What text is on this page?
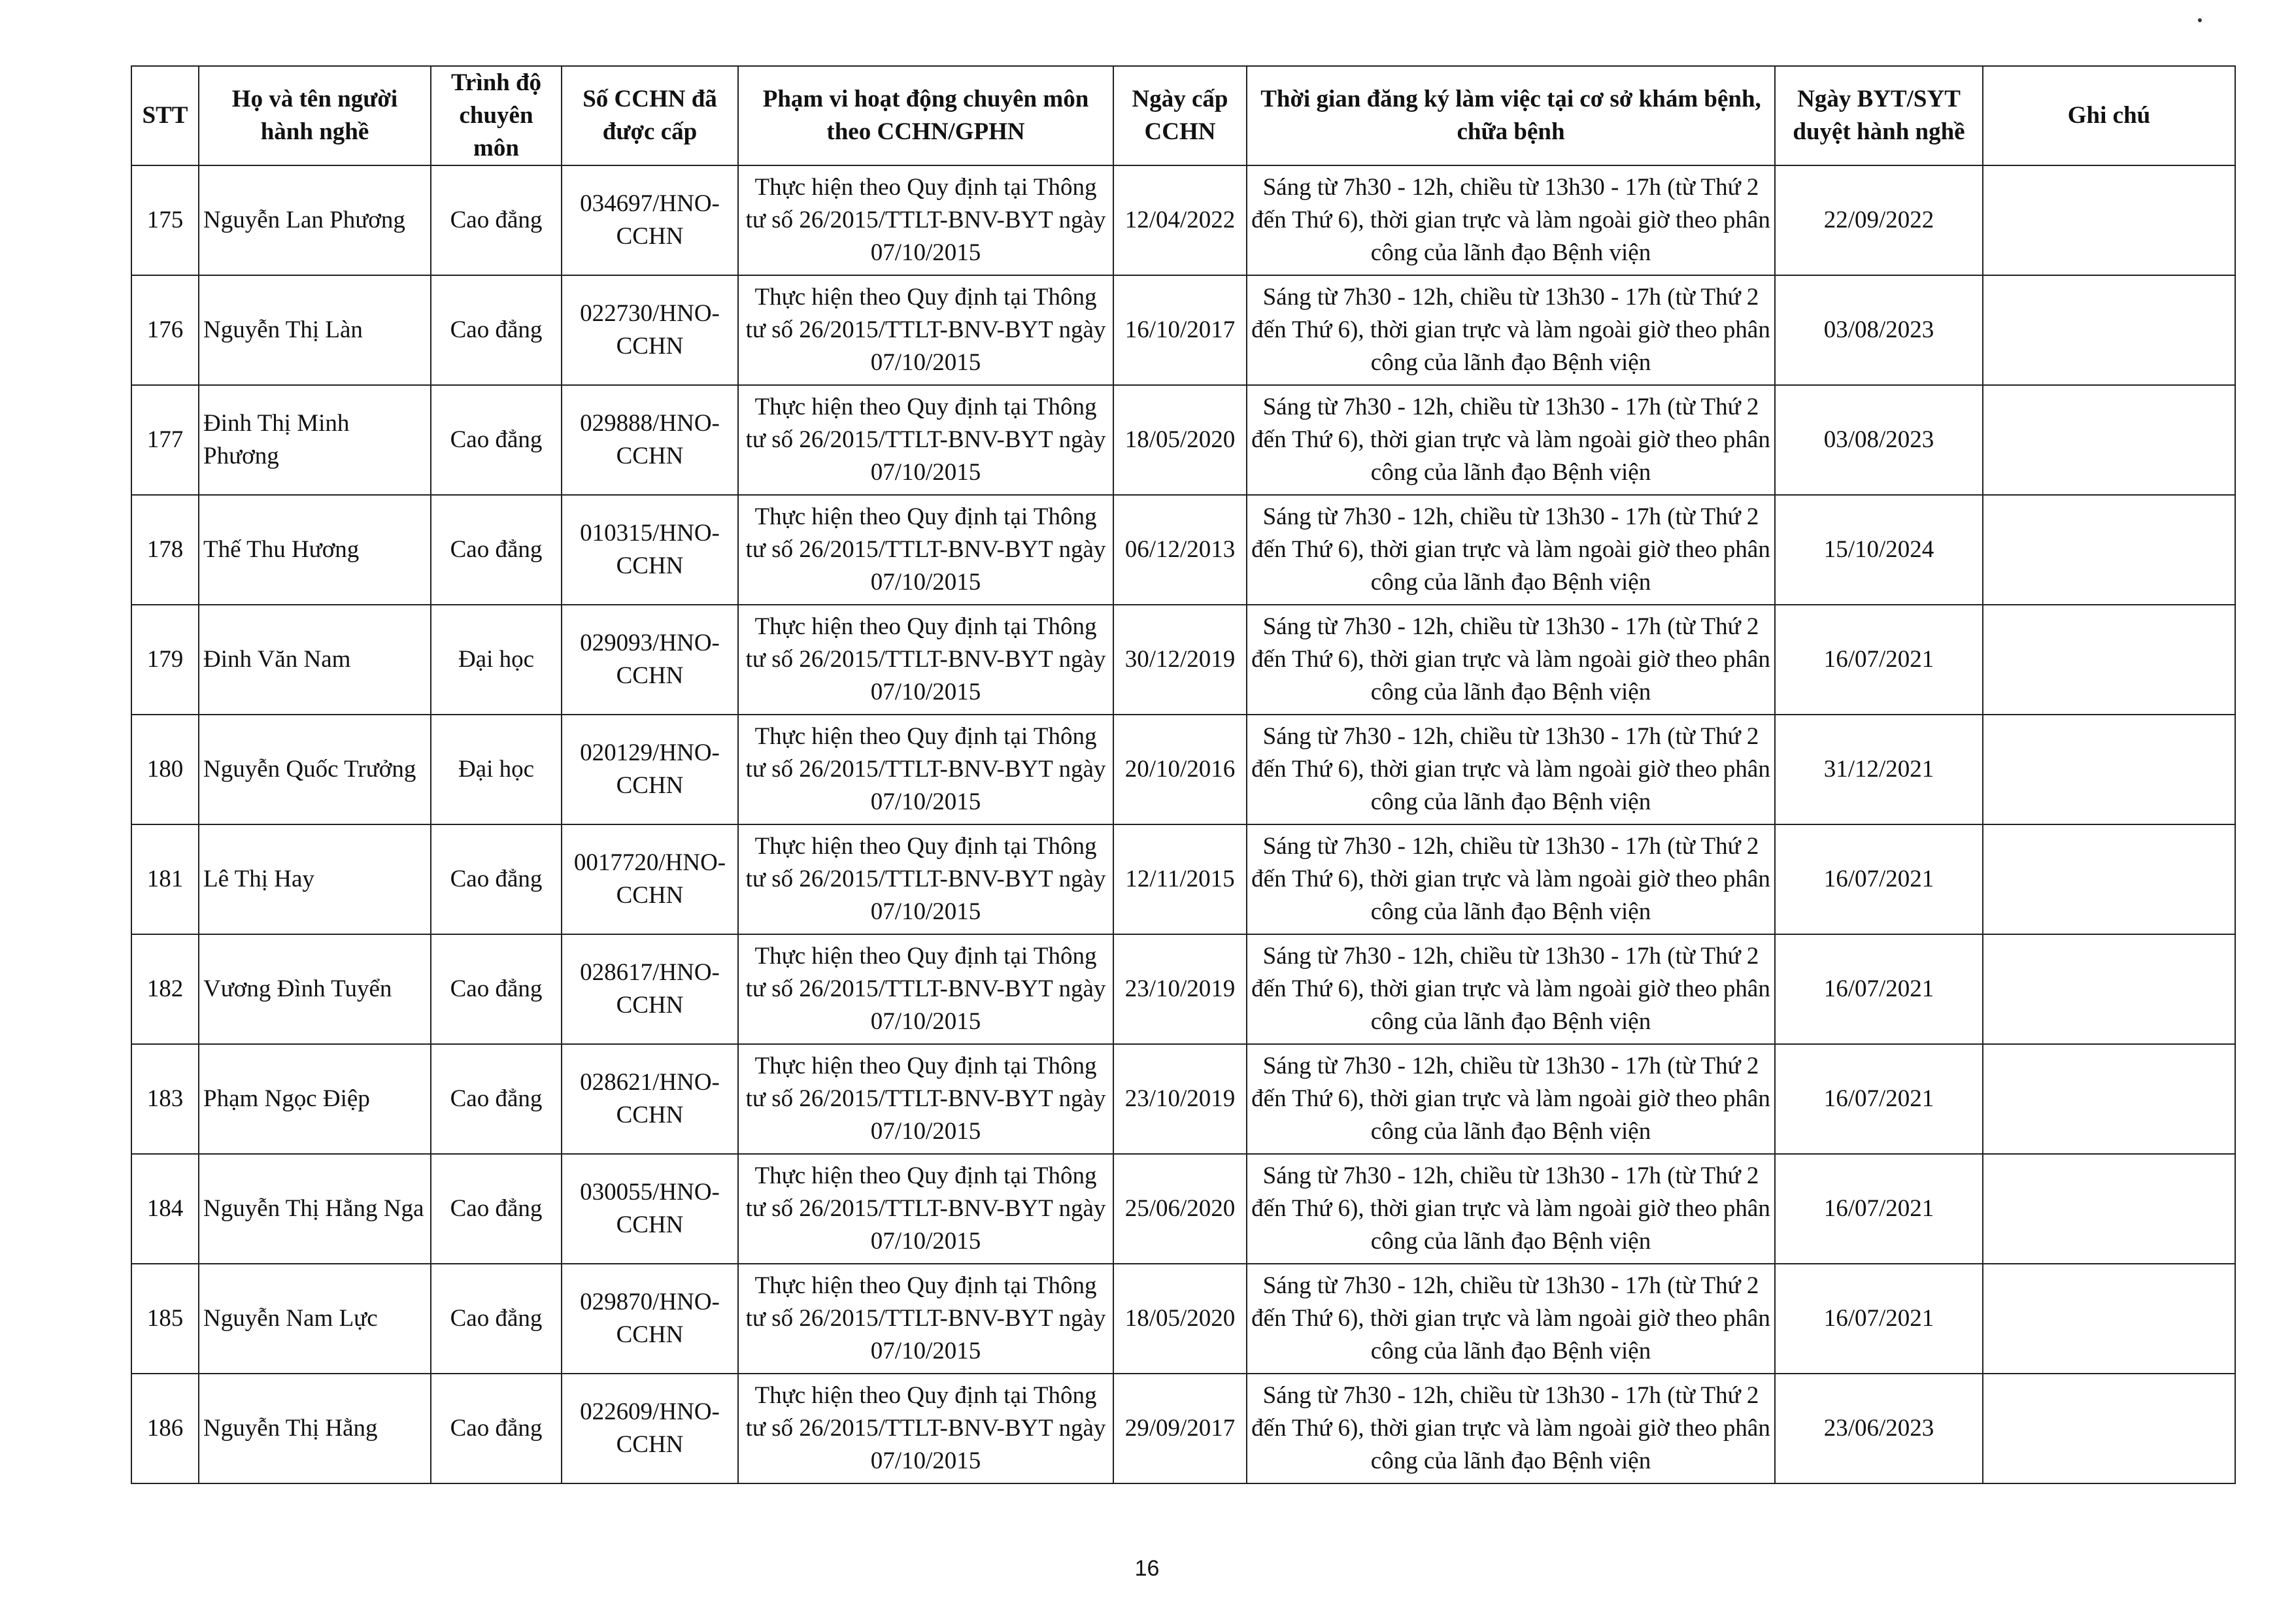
STT	Họ và tên người hành nghề	Trình độ chuyên môn	Số CCHN đã được cấp	Phạm vi hoạt động chuyên môn theo CCHN/GPHN	Ngày cấp CCHN	Thời gian đăng ký làm việc tại cơ sở khám bệnh, chữa bệnh	Ngày BYT/SYT duyệt hành nghề	Ghi chú
175	Nguyễn Lan Phương	Cao đẳng	034697/HNO-CCHN	Thực hiện theo Quy định tại Thông tư số 26/2015/TTLT-BNV-BYT ngày 07/10/2015	12/04/2022	Sáng từ 7h30 - 12h, chiều từ 13h30 - 17h (từ Thứ 2 đến Thứ 6), thời gian trực và làm ngoài giờ theo phân công của lãnh đạo Bệnh viện	22/09/2022	
176	Nguyễn Thị Làn	Cao đẳng	022730/HNO-CCHN	Thực hiện theo Quy định tại Thông tư số 26/2015/TTLT-BNV-BYT ngày 07/10/2015	16/10/2017	Sáng từ 7h30 - 12h, chiều từ 13h30 - 17h (từ Thứ 2 đến Thứ 6), thời gian trực và làm ngoài giờ theo phân công của lãnh đạo Bệnh viện	03/08/2023	
177	Đinh Thị Minh Phương	Cao đẳng	029888/HNO-CCHN	Thực hiện theo Quy định tại Thông tư số 26/2015/TTLT-BNV-BYT ngày 07/10/2015	18/05/2020	Sáng từ 7h30 - 12h, chiều từ 13h30 - 17h (từ Thứ 2 đến Thứ 6), thời gian trực và làm ngoài giờ theo phân công của lãnh đạo Bệnh viện	03/08/2023	
178	Thế Thu Hương	Cao đẳng	010315/HNO-CCHN	Thực hiện theo Quy định tại Thông tư số 26/2015/TTLT-BNV-BYT ngày 07/10/2015	06/12/2013	Sáng từ 7h30 - 12h, chiều từ 13h30 - 17h (từ Thứ 2 đến Thứ 6), thời gian trực và làm ngoài giờ theo phân công của lãnh đạo Bệnh viện	15/10/2024	
179	Đinh Văn Nam	Đại học	029093/HNO-CCHN	Thực hiện theo Quy định tại Thông tư số 26/2015/TTLT-BNV-BYT ngày 07/10/2015	30/12/2019	Sáng từ 7h30 - 12h, chiều từ 13h30 - 17h (từ Thứ 2 đến Thứ 6), thời gian trực và làm ngoài giờ theo phân công của lãnh đạo Bệnh viện	16/07/2021	
180	Nguyễn Quốc Trưởng	Đại học	020129/HNO-CCHN	Thực hiện theo Quy định tại Thông tư số 26/2015/TTLT-BNV-BYT ngày 07/10/2015	20/10/2016	Sáng từ 7h30 - 12h, chiều từ 13h30 - 17h (từ Thứ 2 đến Thứ 6), thời gian trực và làm ngoài giờ theo phân công của lãnh đạo Bệnh viện	31/12/2021	
181	Lê Thị Hay	Cao đẳng	0017720/HNO-CCHN	Thực hiện theo Quy định tại Thông tư số 26/2015/TTLT-BNV-BYT ngày 07/10/2015	12/11/2015	Sáng từ 7h30 - 12h, chiều từ 13h30 - 17h (từ Thứ 2 đến Thứ 6), thời gian trực và làm ngoài giờ theo phân công của lãnh đạo Bệnh viện	16/07/2021	
182	Vương Đình Tuyển	Cao đẳng	028617/HNO-CCHN	Thực hiện theo Quy định tại Thông tư số 26/2015/TTLT-BNV-BYT ngày 07/10/2015	23/10/2019	Sáng từ 7h30 - 12h, chiều từ 13h30 - 17h (từ Thứ 2 đến Thứ 6), thời gian trực và làm ngoài giờ theo phân công của lãnh đạo Bệnh viện	16/07/2021	
183	Phạm Ngọc Điệp	Cao đẳng	028621/HNO-CCHN	Thực hiện theo Quy định tại Thông tư số 26/2015/TTLT-BNV-BYT ngày 07/10/2015	23/10/2019	Sáng từ 7h30 - 12h, chiều từ 13h30 - 17h (từ Thứ 2 đến Thứ 6), thời gian trực và làm ngoài giờ theo phân công của lãnh đạo Bệnh viện	16/07/2021	
184	Nguyễn Thị Hằng Nga	Cao đẳng	030055/HNO-CCHN	Thực hiện theo Quy định tại Thông tư số 26/2015/TTLT-BNV-BYT ngày 07/10/2015	25/06/2020	Sáng từ 7h30 - 12h, chiều từ 13h30 - 17h (từ Thứ 2 đến Thứ 6), thời gian trực và làm ngoài giờ theo phân công của lãnh đạo Bệnh viện	16/07/2021	
185	Nguyễn Nam Lực	Cao đẳng	029870/HNO-CCHN	Thực hiện theo Quy định tại Thông tư số 26/2015/TTLT-BNV-BYT ngày 07/10/2015	18/05/2020	Sáng từ 7h30 - 12h, chiều từ 13h30 - 17h (từ Thứ 2 đến Thứ 6), thời gian trực và làm ngoài giờ theo phân công của lãnh đạo Bệnh viện	16/07/2021	
186	Nguyễn Thị Hằng	Cao đẳng	022609/HNO-CCHN	Thực hiện theo Quy định tại Thông tư số 26/2015/TTLT-BNV-BYT ngày 07/10/2015	29/09/2017	Sáng từ 7h30 - 12h, chiều từ 13h30 - 17h (từ Thứ 2 đến Thứ 6), thời gian trực và làm ngoài giờ theo phân công của lãnh đạo Bệnh viện	23/06/2023	
16
